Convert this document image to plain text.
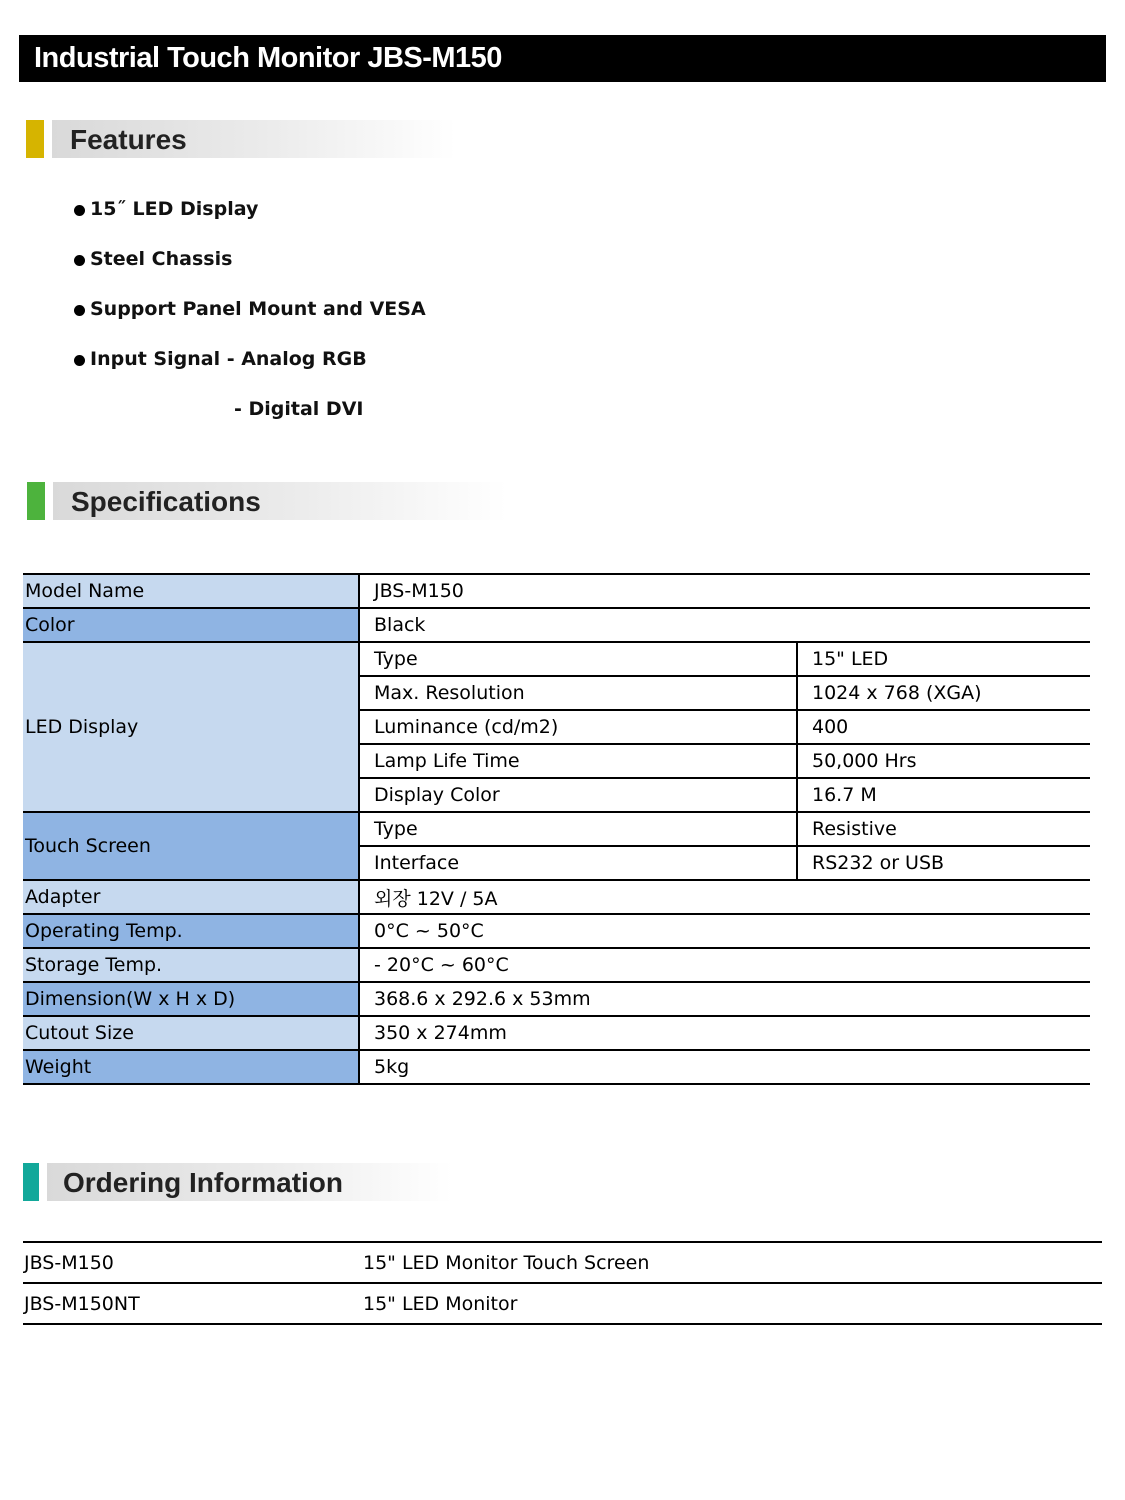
Industrial Touch Monitor JBS-M150
Features
15˝ LED Display
Steel Chassis
Support Panel Mount and VESA
Input Signal - Analog RGB
- Digital DVI
Specifications
Model Name	JBS-M150	
Color	Black	
LED Display	Type	15" LED
	Max. Resolution	1024 x 768 (XGA)
	Luminance (cd/m2)	400
	Lamp Life Time	50,000 Hrs
	Display Color	16.7 M
Touch Screen	Type	Resistive
	Interface	RS232 or USB
Adapter	외장 12V / 5A	
Operating Temp.	0°C ~ 50°C	
Storage Temp.	- 20°C ~ 60°C	
Dimension(W x H x D)	368.6 x 292.6 x 53mm	
Cutout Size	350 x 274mm	
Weight	5kg	
Ordering Information
JBS-M150	15" LED Monitor Touch Screen
JBS-M150NT	15" LED Monitor
